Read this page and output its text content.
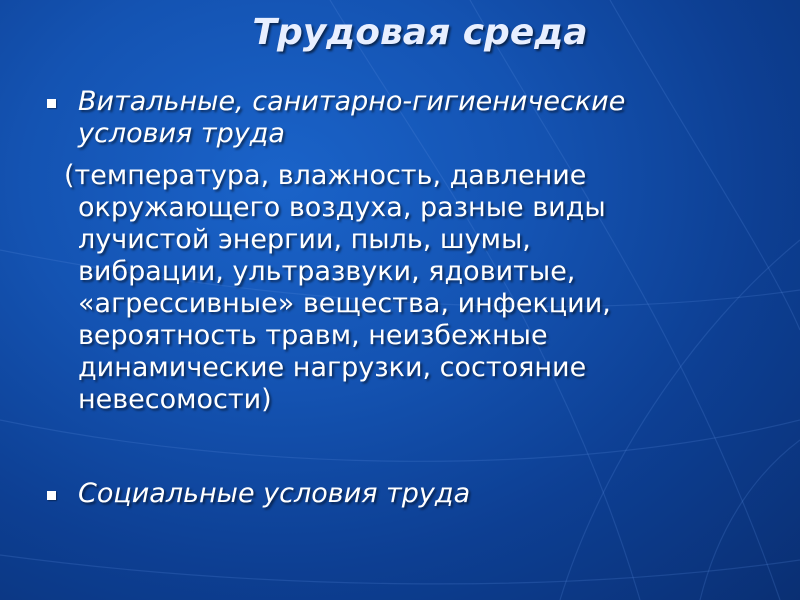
Трудовая среда
Витальные, санитарно-гигиенические
условия труда
(температура, влажность, давление
окружающего воздуха, разные виды
лучистой энергии, пыль, шумы,
вибрации, ультразвуки, ядовитые,
«агрессивные» вещества, инфекции,
вероятность травм, неизбежные
динамические нагрузки, состояние
невесомости)
Социальные условия труда
